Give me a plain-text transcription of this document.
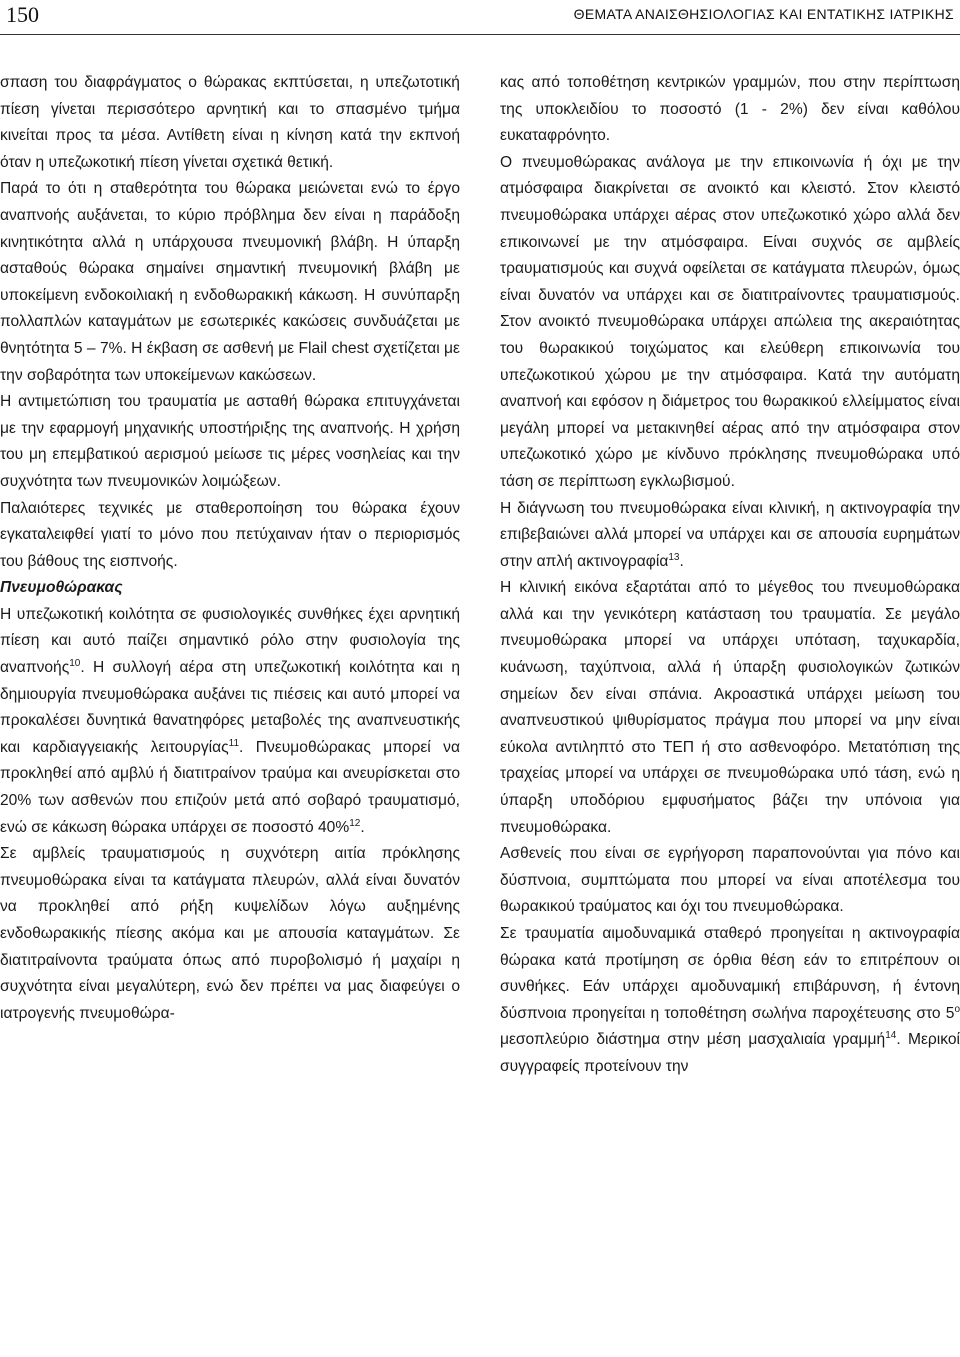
150	ΘΕΜΑΤΑ ΑΝΑΙΣΘΗΣΙΟΛΟΓΙΑΣ ΚΑΙ ΕΝΤΑΤΙΚΗΣ ΙΑΤΡΙΚΗΣ

σπαση του διαφράγματος ο θώρακας εκπτύσεται, η υπεζωτοτική πίεση γίνεται περισσότερο αρνητική και το σπασμένο τμήμα κινείται προς τα μέσα. Αντίθετη είναι η κίνηση κατά την εκπνοή όταν η υπεζωκοτική πίεση γίνεται σχετικά θετική.

Παρά το ότι η σταθερότητα του θώρακα μειώνεται ενώ το έργο αναπνοής αυξάνεται, το κύριο πρόβλημα δεν είναι η παράδοξη κινητικότητα αλλά η υπάρχουσα πνευμονική βλάβη. Η ύπαρξη ασταθούς θώρακα σημαίνει σημαντική πνευμονική βλάβη με υποκείμενη ενδοκοιλιακή η ενδοθωρακική κάκωση. Η συνύπαρξη πολλαπλών καταγμάτων με εσωτερικές κακώσεις συνδυάζεται με θνητότητα 5 – 7%. Η έκβαση σε ασθενή με Flail chest σχετίζεται με την σοβαρότητα των υποκείμενων κακώσεων.

Η αντιμετώπιση του τραυματία με ασταθή θώρακα επιτυγχάνεται με την εφαρμογή μηχανικής υποστήριξης της αναπνοής. Η χρήση του μη επεμβατικού αερισμού μείωσε τις μέρες νοσηλείας και την συχνότητα των πνευμονικών λοιμώξεων.

Παλαιότερες τεχνικές με σταθεροποίηση του θώρακα έχουν εγκαταλειφθεί γιατί το μόνο που πετύχαιναν ήταν ο περιορισμός του βάθους της εισπνοής.

Πνευμοθώρακας

Η υπεζωκοτική κοιλότητα σε φυσιολογικές συνθήκες έχει αρνητική πίεση και αυτό παίζει σημαντικό ρόλο στην φυσιολογία της αναπνοής$^{10}$. Η συλλογή αέρα στη υπεζωκοτική κοιλότητα και η δημιουργία πνευμοθώρακα αυξάνει τις πιέσεις και αυτό μπορεί να προκαλέσει δυνητικά θανατηφόρες μεταβολές της αναπνευστικής και καρδιαγγειακής λειτουργίας$^{11}$. Πνευμοθώρακας μπορεί να προκληθεί από αμβλύ ή διατιτραίνον τραύμα και ανευρίσκεται στο 20% των ασθενών που επιζούν μετά από σοβαρό τραυματισμό, ενώ σε κάκωση θώρακα υπάρχει σε ποσοστό 40%$^{12}$.

Σε αμβλείς τραυματισμούς η συχνότερη αιτία πρόκλησης πνευμοθώρακα είναι τα κατάγματα πλευρών, αλλά είναι δυνατόν να προκληθεί από ρήξη κυψελίδων λόγω αυξημένης ενδοθωρακικής πίεσης ακόμα και με απουσία καταγμάτων. Σε διατιτραίνοντα τραύματα όπως από πυροβολισμό ή μαχαίρι η συχνότητα είναι μεγαλύτερη, ενώ δεν πρέπει να μας διαφεύγει ο ιατρογενής πνευμοθώρα-

κας από τοποθέτηση κεντρικών γραμμών, που στην περίπτωση της υποκλειδίου το ποσοστό (1 - 2%) δεν είναι καθόλου ευκαταφρόνητο.

Ο πνευμοθώρακας ανάλογα με την επικοινωνία ή όχι με την ατμόσφαιρα διακρίνεται σε ανοικτό και κλειστό. Στον κλειστό πνευμοθώρακα υπάρχει αέρας στον υπεζωκοτικό χώρο αλλά δεν επικοινωνεί με την ατμόσφαιρα. Είναι συχνός σε αμβλείς τραυματισμούς και συχνά οφείλεται σε κατάγματα πλευρών, όμως είναι δυνατόν να υπάρχει και σε διατιτραίνοντες τραυματισμούς. Στον ανοικτό πνευμοθώρακα υπάρχει απώλεια της ακεραιότητας του θωρακικού τοιχώματος και ελεύθερη επικοινωνία του υπεζωκοτικού χώρου με την ατμόσφαιρα. Κατά την αυτόματη αναπνοή και εφόσον η διάμετρος του θωρακικού ελλείμματος είναι μεγάλη μπορεί να μετακινηθεί αέρας από την ατμόσφαιρα στον υπεζωκοτικό χώρο με κίνδυνο πρόκλησης πνευμοθώρακα υπό τάση σε περίπτωση εγκλωβισμού.

Η διάγνωση του πνευμοθώρακα είναι κλινική, η ακτινογραφία την επιβεβαιώνει αλλά μπορεί να υπάρχει και σε απουσία ευρημάτων στην απλή ακτινογραφία$^{13}$.

Η κλινική εικόνα εξαρτάται από το μέγεθος του πνευμοθώρακα αλλά και την γενικότερη κατάσταση του τραυματία. Σε μεγάλο πνευμοθώρακα μπορεί να υπάρχει υπόταση, ταχυκαρδία, κυάνωση, ταχύπνοια, αλλά ή ύπαρξη φυσιολογικών ζωτικών σημείων δεν είναι σπάνια. Ακροαστικά υπάρχει μείωση του αναπνευστικού ψιθυρίσματος πράγμα που μπορεί να μην είναι εύκολα αντιληπτό στο ΤΕΠ ή στο ασθενοφόρο. Μετατόπιση της τραχείας μπορεί να υπάρχει σε πνευμοθώρακα υπό τάση, ενώ η ύπαρξη υποδόριου εμφυσήματος βάζει την υπόνοια για πνευμοθώρακα.

Ασθενείς που είναι σε εγρήγορση παραπονούνται για πόνο και δύσπνοια, συμπτώματα που μπορεί να είναι αποτέλεσμα του θωρακικού τραύματος και όχι του πνευμοθώρακα.

Σε τραυματία αιμοδυναμικά σταθερό προηγείται η ακτινογραφία θώρακα κατά προτίμηση σε όρθια θέση εάν το επιτρέπουν οι συνθήκες. Εάν υπάρχει αμοδυναμική επιβάρυνση, ή έντονη δύσπνοια προηγείται η τοποθέτηση σωλήνα παροχέτευσης στο $5^o$ μεσοπλεύριο διάστημα στην μέση μασχαλιαία γραμμή$^{14}$. Μερικοί συγγραφείς προτείνουν την
